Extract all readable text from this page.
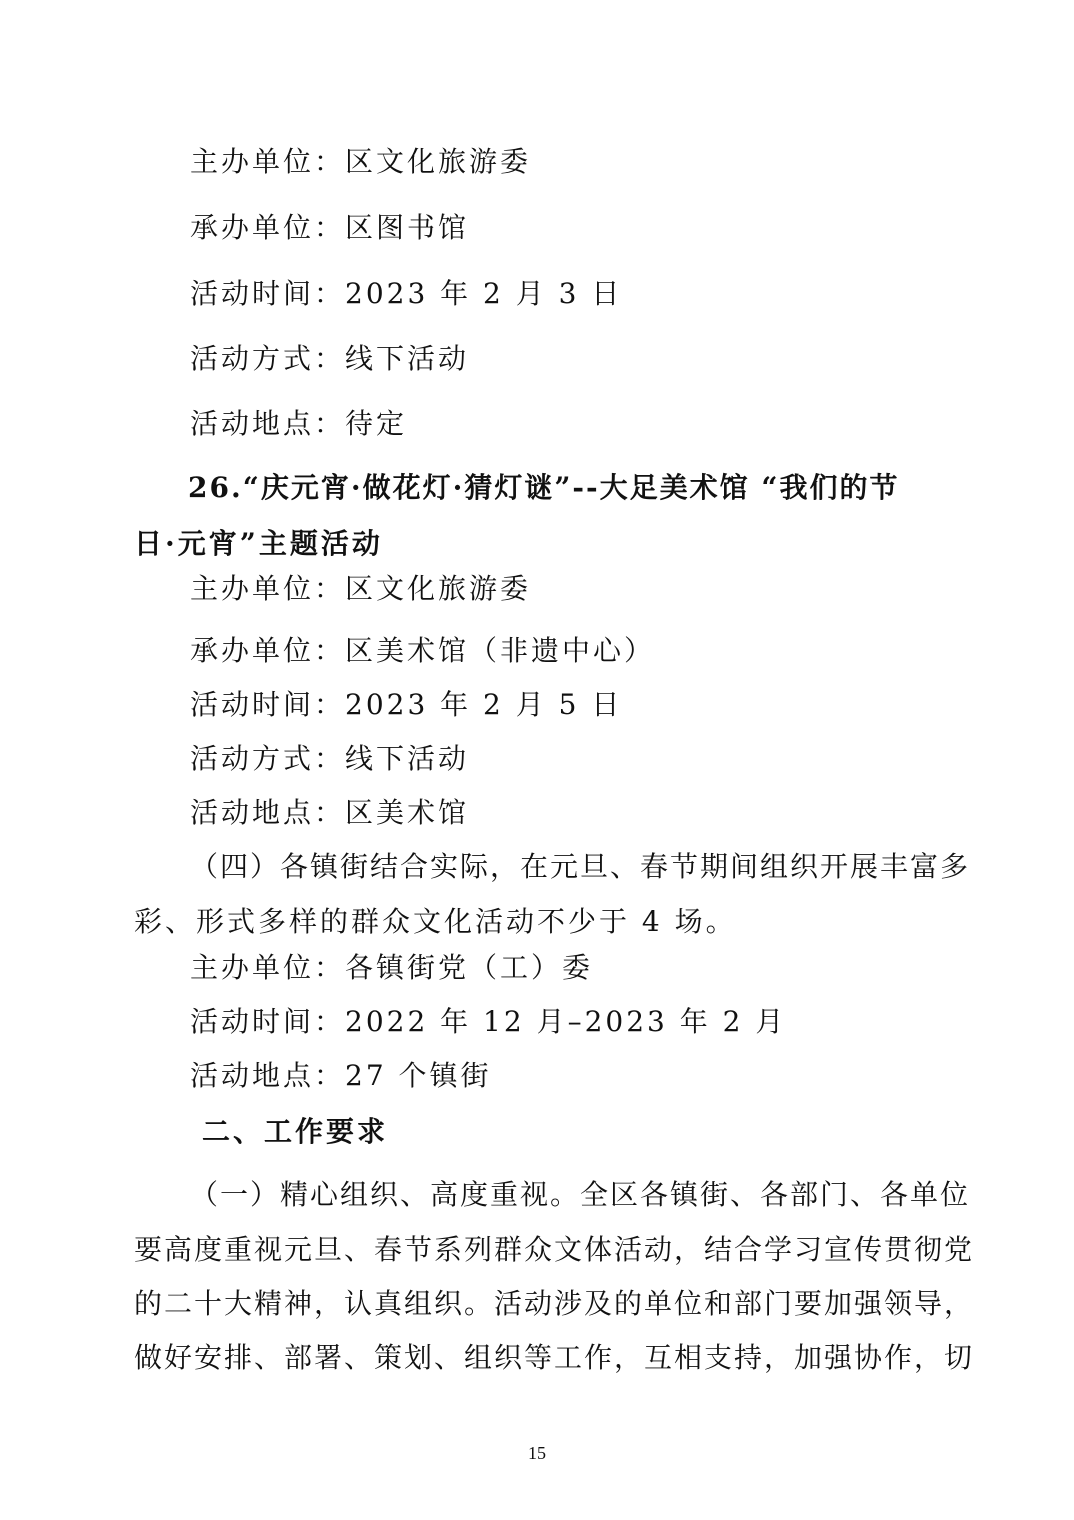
主办单位：区文化旅游委
承办单位：区图书馆
活动时间：2023 年 2 月 3 日
活动方式：线下活动
活动地点：待定
26.“庆元宵·做花灯·猜灯谜”--大足美术馆 “我们的节
日·元宵”主题活动
主办单位：区文化旅游委
承办单位：区美术馆（非遗中心）
活动时间：2023 年 2 月 5 日
活动方式：线下活动
活动地点：区美术馆
（四）各镇街结合实际，在元旦、春节期间组织开展丰富多
彩、形式多样的群众文化活动不少于 4 场。
主办单位：各镇街党（工）委
活动时间：2022 年 12 月–2023 年 2 月
活动地点：27 个镇街
二、工作要求
（一）精心组织、高度重视。全区各镇街、各部门、各单位
要高度重视元旦、春节系列群众文体活动，结合学习宣传贯彻党
的二十大精神，认真组织。活动涉及的单位和部门要加强领导，
做好安排、部署、策划、组织等工作，互相支持，加强协作，切
15
